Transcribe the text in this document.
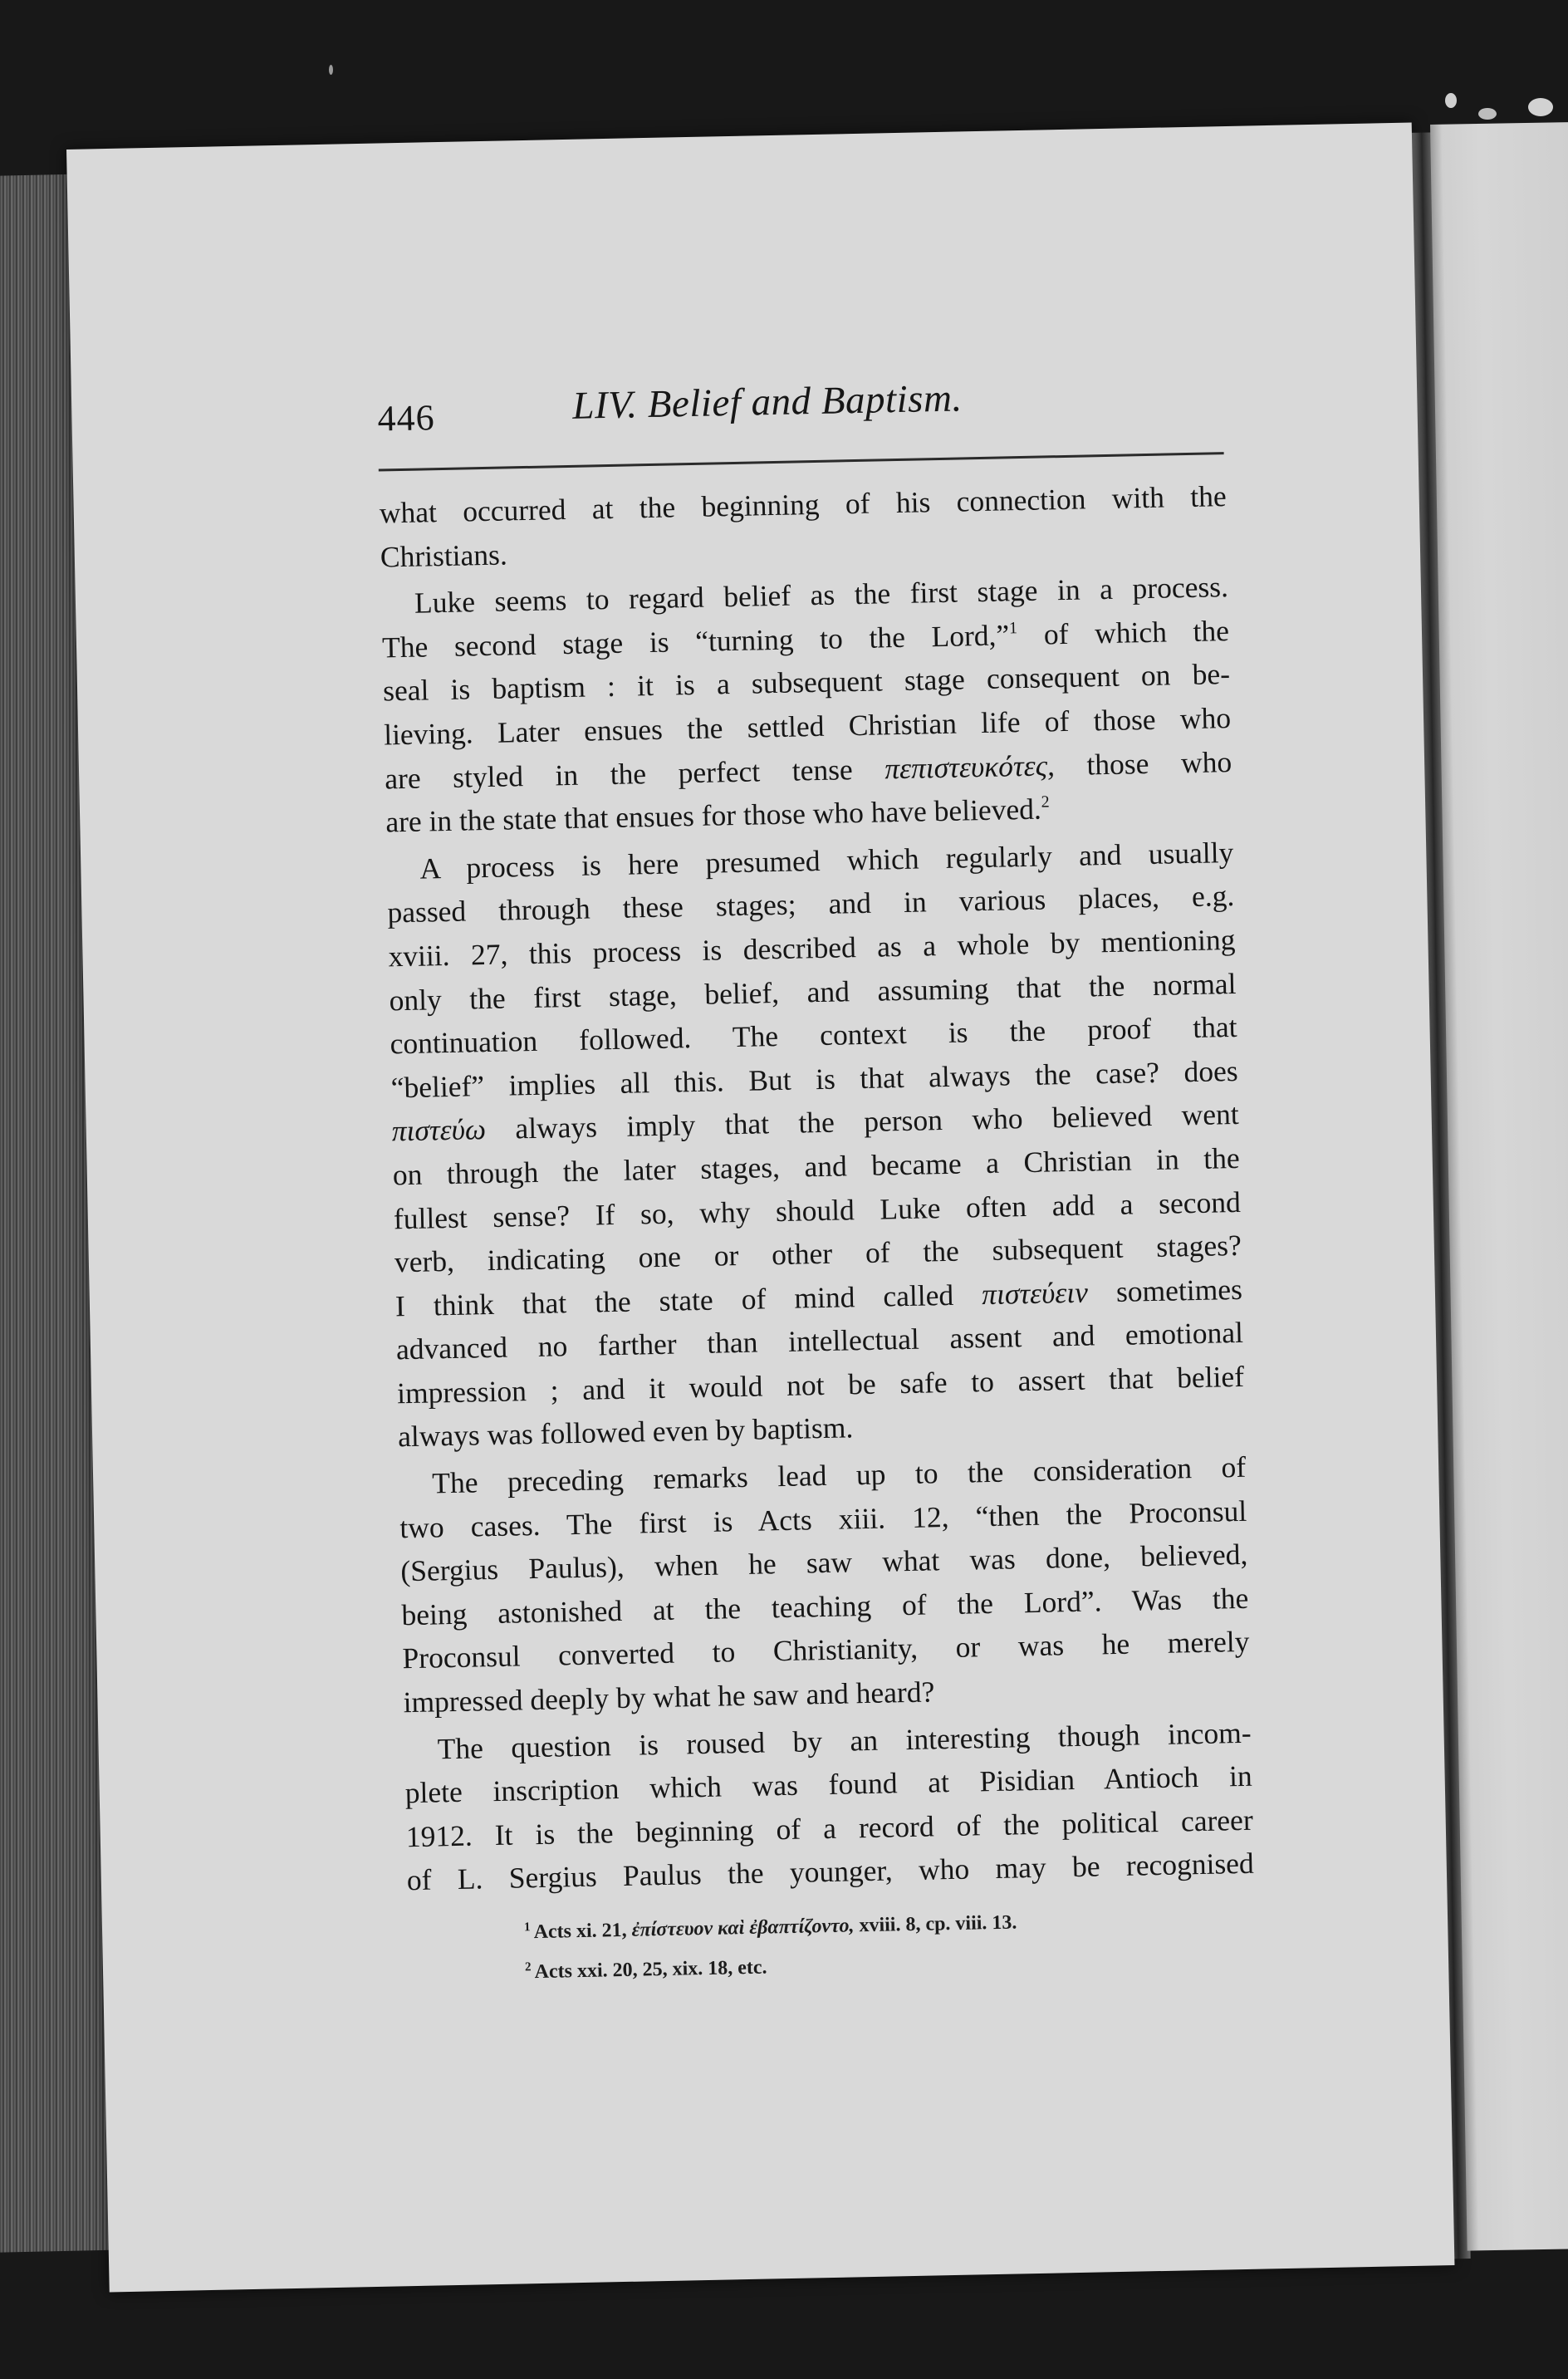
446	LIV. Belief and Baptism.
what occurred at the beginning of his connection with the
Christians.
Luke seems to regard belief as the first stage in a process.
The second stage is “turning to the Lord,”$^1$ of which the
seal is baptism : it is a subsequent stage consequent on be-
lieving. Later ensues the settled Christian life of those who
are styled in the perfect tense πεπιστευκότες, those who
are in the state that ensues for those who have believed.$^2$
A process is here presumed which regularly and usually
passed through these stages; and in various places, e.g.
xviii. 27, this process is described as a whole by mentioning
only the first stage, belief, and assuming that the normal
continuation followed. The context is the proof that
“belief” implies all this. But is that always the case? does
πιστεύω always imply that the person who believed went
on through the later stages, and became a Christian in the
fullest sense? If so, why should Luke often add a second
verb, indicating one or other of the subsequent stages?
I think that the state of mind called πιστεύειν sometimes
advanced no farther than intellectual assent and emotional
impression ; and it would not be safe to assert that belief
always was followed even by baptism.
The preceding remarks lead up to the consideration of
two cases. The first is Acts xiii. 12, “then the Proconsul
(Sergius Paulus), when he saw what was done, believed,
being astonished at the teaching of the Lord”. Was the
Proconsul converted to Christianity, or was he merely
impressed deeply by what he saw and heard?
The question is roused by an interesting though incom-
plete inscription which was found at Pisidian Antioch in
1912. It is the beginning of a record of the political career
of L. Sergius Paulus the younger, who may be recognised
$^1$ Acts xi. 21, ἐπίστευον καὶ ἐβαπτίζοντο, xviii. 8, cp. viii. 13.
$^2$ Acts xxi. 20, 25, xix. 18, etc.
